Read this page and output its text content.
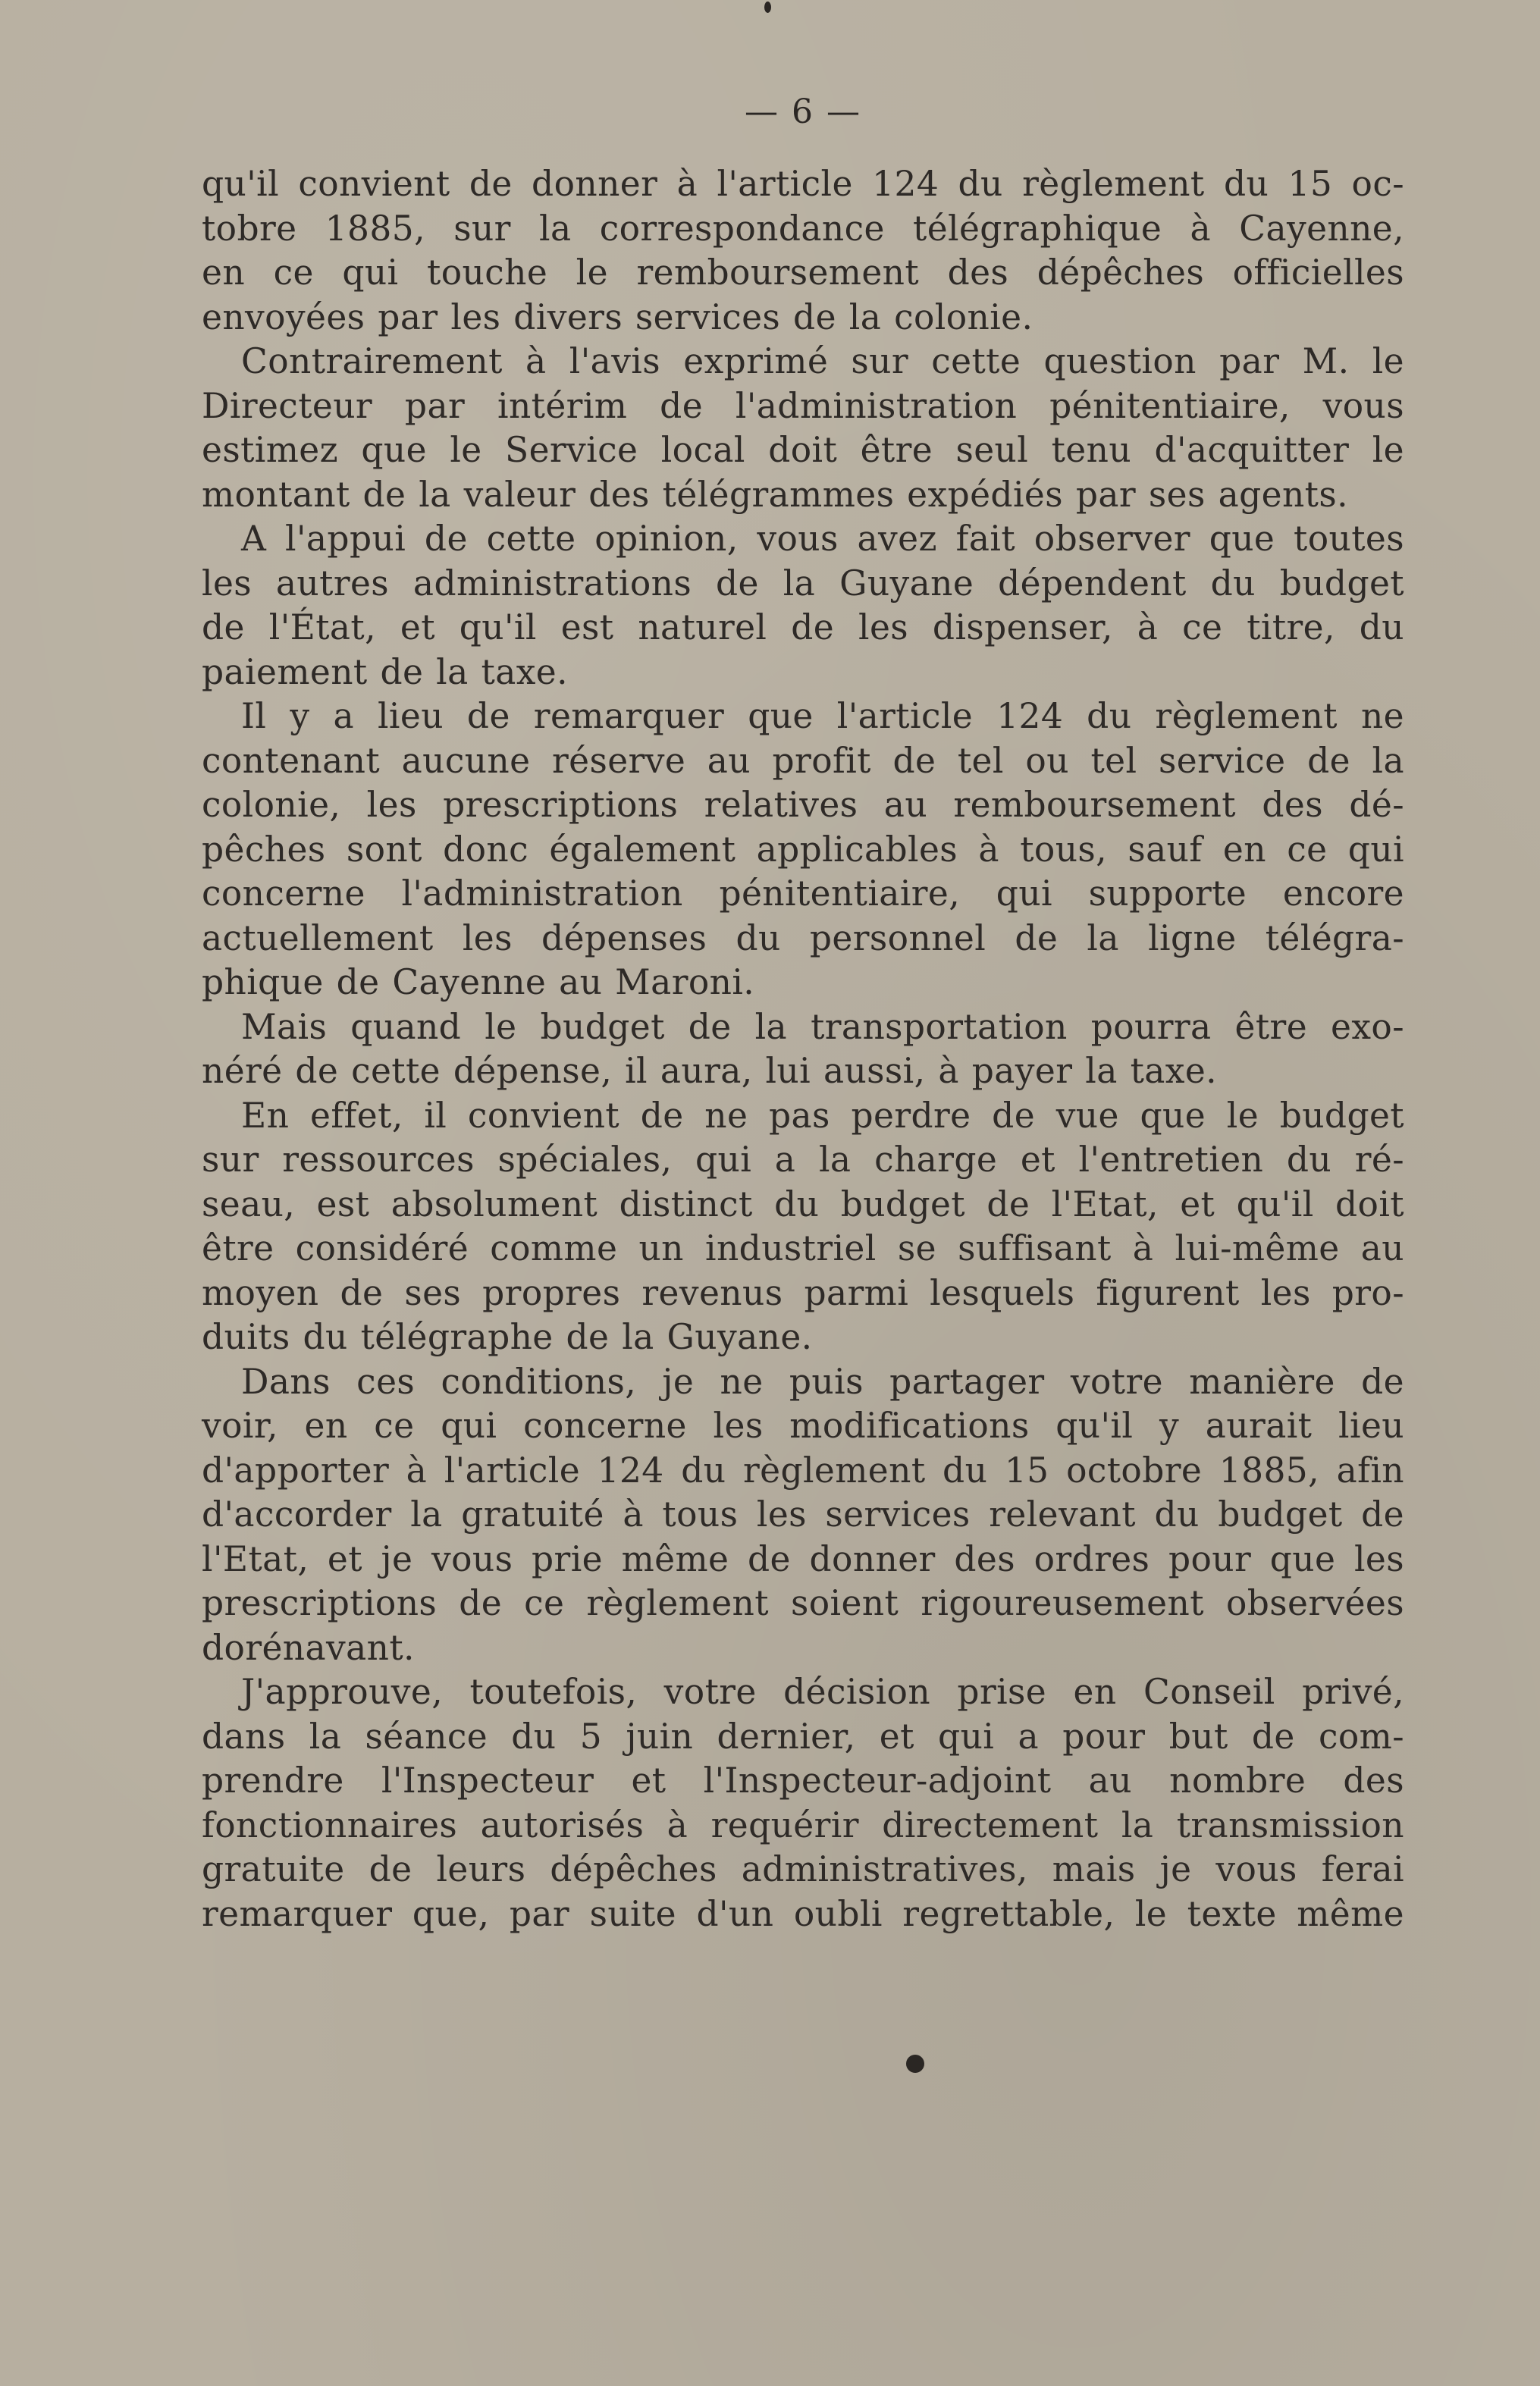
— 6 —
qu'il convient de donner à l'article 124 du règlement du 15 oc-
tobre 1885, sur la correspondance télégraphique à Cayenne,
en ce qui touche le remboursement des dépêches officielles
envoyées par les divers services de la colonie.
Contrairement à l'avis exprimé sur cette question par M. le
Directeur par intérim de l'administration pénitentiaire, vous
estimez que le Service local doit être seul tenu d'acquitter le
montant de la valeur des télégrammes expédiés par ses agents.
A l'appui de cette opinion, vous avez fait observer que toutes
les autres administrations de la Guyane dépendent du budget
de l'État, et qu'il est naturel de les dispenser, à ce titre, du
paiement de la taxe.
Il y a lieu de remarquer que l'article 124 du règlement ne
contenant aucune réserve au profit de tel ou tel service de la
colonie, les prescriptions relatives au remboursement des dé-
pêches sont donc également applicables à tous, sauf en ce qui
concerne l'administration pénitentiaire, qui supporte encore
actuellement les dépenses du personnel de la ligne télégra-
phique de Cayenne au Maroni.
Mais quand le budget de la transportation pourra être exo-
néré de cette dépense, il aura, lui aussi, à payer la taxe.
En effet, il convient de ne pas perdre de vue que le budget
sur ressources spéciales, qui a la charge et l'entretien du ré-
seau, est absolument distinct du budget de l'Etat, et qu'il doit
être considéré comme un industriel se suffisant à lui-même au
moyen de ses propres revenus parmi lesquels figurent les pro-
duits du télégraphe de la Guyane.
Dans ces conditions, je ne puis partager votre manière de
voir, en ce qui concerne les modifications qu'il y aurait lieu
d'apporter à l'article 124 du règlement du 15 octobre 1885, afin
d'accorder la gratuité à tous les services relevant du budget de
l'Etat, et je vous prie même de donner des ordres pour que les
prescriptions de ce règlement soient rigoureusement observées
dorénavant.
J'approuve, toutefois, votre décision prise en Conseil privé,
dans la séance du 5 juin dernier, et qui a pour but de com-
prendre l'Inspecteur et l'Inspecteur-adjoint au nombre des
fonctionnaires autorisés à requérir directement la transmission
gratuite de leurs dépêches administratives, mais je vous ferai
remarquer que, par suite d'un oubli regrettable, le texte même
